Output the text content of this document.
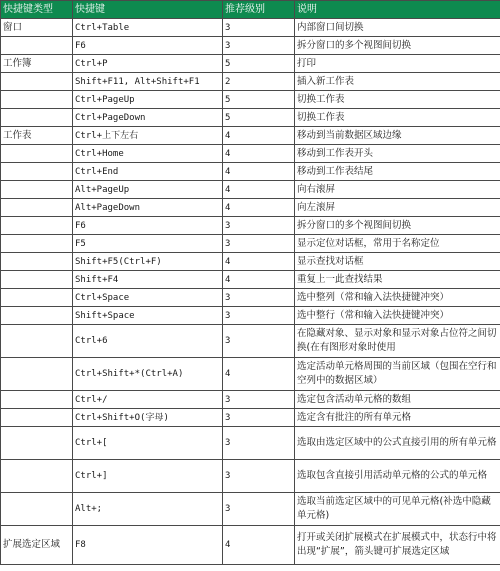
快捷键类型	快捷键	推荐级别	说明
窗口	Ctrl+Table	3	内部窗口间切换
	F6	3	拆分窗口的多个视图间切换
工作簿	Ctrl+P	5	打印
	Shift+F11, Alt+Shift+F1	2	插入新工作表
	Ctrl+PageUp	5	切换工作表
	Ctrl+PageDown	5	切换工作表
工作表	Ctrl+上下左右	4	移动到当前数据区域边缘
	Ctrl+Home	4	移动到工作表开头
	Ctrl+End	4	移动到工作表结尾
	Alt+PageUp	4	向右滚屏
	Alt+PageDown	4	向左滚屏
	F6	3	拆分窗口的多个视图间切换
	F5	3	显示定位对话框，常用于名称定位
	Shift+F5(Ctrl+F)	4	显示查找对话框
	Shift+F4	4	重复上一此查找结果
	Ctrl+Space	3	选中整列（常和输入法快捷键冲突）
	Shift+Space	3	选中整行（常和输入法快捷键冲突）
	Ctrl+6	3	在隐藏对象、显示对象和显示对象占位符之间切换(在有图形对象时使用
	Ctrl+Shift+*(Ctrl+A)	4	选定活动单元格周围的当前区域（包围在空行和空列中的数据区域）
	Ctrl+/	3	选定包含活动单元格的数组
	Ctrl+Shift+O(字母)	3	选定含有批注的所有单元格
	Ctrl+[	3	选取由选定区域中的公式直接引用的所有单元格
	Ctrl+]	3	选取包含直接引用活动单元格的公式的单元格
	Alt+;	3	选取当前选定区域中的可见单元格(补选中隐藏单元格)
扩展选定区域	F8	4	打开或关闭扩展模式在扩展模式中，状态行中将出现“扩展”，箭头键可扩展选定区域
